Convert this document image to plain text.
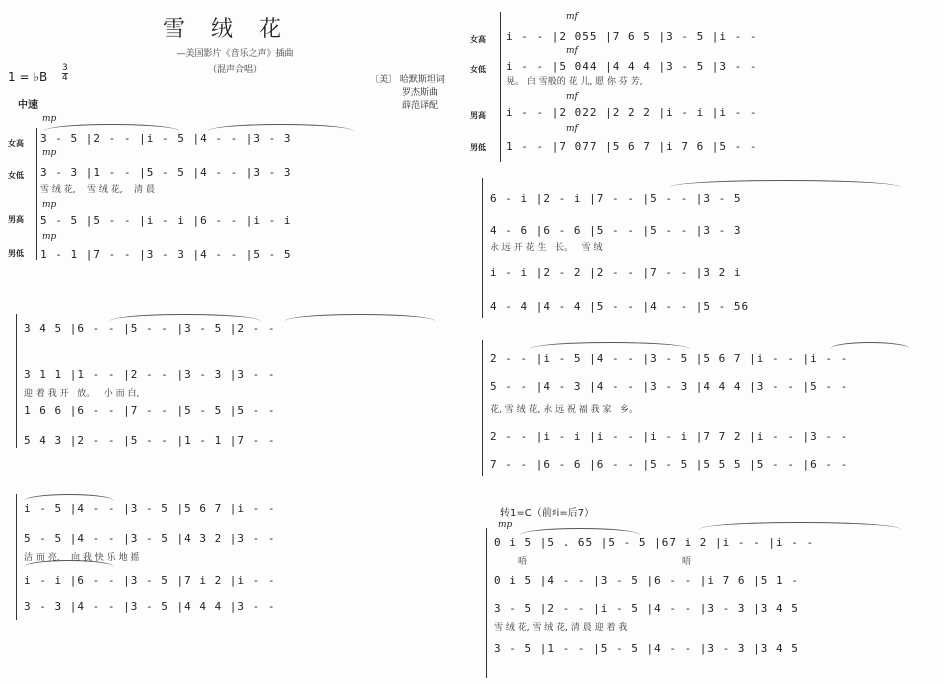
雪绒花
—美国影片《音乐之声》插曲
（混声合唱）
1 = ♭B
3
4
中速
〔美〕 哈默斯坦词
罗杰斯曲
薛范译配
女高
女低
男高
男低
mp
mp
mp
mp
3 - 5 |2 - - |i - 5 |4 - - |3 - 3
3 - 3 |1 - - |5 - 5 |4 - - |3 - 3
雪 绒 花,    雪 绒 花,    清 晨
5 - 5 |5 - - |i - i |6 - - |i - i
1 - 1 |7 - - |3 - 3 |4 - - |5 - 5
3 4 5 |6 - - |5 - - |3 - 5 |2 - -
3 1 1 |1 - - |2 - - |3 - 3 |3 - -
迎 着 我 开   放。   小 而 白,
1 6 6 |6 - - |7 - - |5 - 5 |5 - -
5 4 3 |2 - - |5 - - |1 - 1 |7 - -
i - 5 |4 - - |3 - 5 |5 6 7 |i - -
5 - 5 |4 - - |3 - 5 |4 3 2 |3 - -
洁 而 亮,    向 我 快 乐 地 摇
i - i |6 - - |3 - 5 |7 i 2 |i - -
3 - 3 |4 - - |3 - 5 |4 4 4 |3 - -
女高
女低
男高
男低
mf
mf
mf
mf
i - - |2 055 |7 6 5 |3 - 5 |i - -
i - - |5 044 |4 4 4 |3 - 5 |3 - -
晃。 白 雪般的 花 儿, 愿 你 芬 芳,
i - - |2 022 |2 2 2 |i - i |i - -
1 - - |7 077 |5 6 7 |i 7 6 |5 - -
6 - i |2 - i |7 - - |5 - - |3 - 5
4 - 6 |6 - 6 |5 - - |5 - - |3 - 3
永 远 开 花 生   长。   雪 绒
i - i |2 - 2 |2 - - |7 - - |3 2 i
4 - 4 |4 - 4 |5 - - |4 - - |5 - 56
2 - - |i - 5 |4 - - |3 - 5 |5 6 7 |i - - |i - -
5 - - |4 - 3 |4 - - |3 - 3 |4 4 4 |3 - - |5 - -
花, 雪 绒 花, 永 远 祝 福 我 家   乡。
2 - - |i - i |i - - |i - i |7 7 2 |i - - |3 - -
7 - - |6 - 6 |6 - - |5 - 5 |5 5 5 |5 - - |6 - -
转1=C（前♯i=后7）
mp
0 i 5 |5 . 65 |5 - 5 |67 i 2 |i - - |i - -
唔	唔
0 i 5 |4 - - |3 - 5 |6 - - |i 7 6 |5 1 -
3 - 5 |2 - - |i - 5 |4 - - |3 - 3 |3 4 5
雪 绒 花, 雪 绒 花, 清 晨 迎 着 我
3 - 5 |1 - - |5 - 5 |4 - - |3 - 3 |3 4 5
